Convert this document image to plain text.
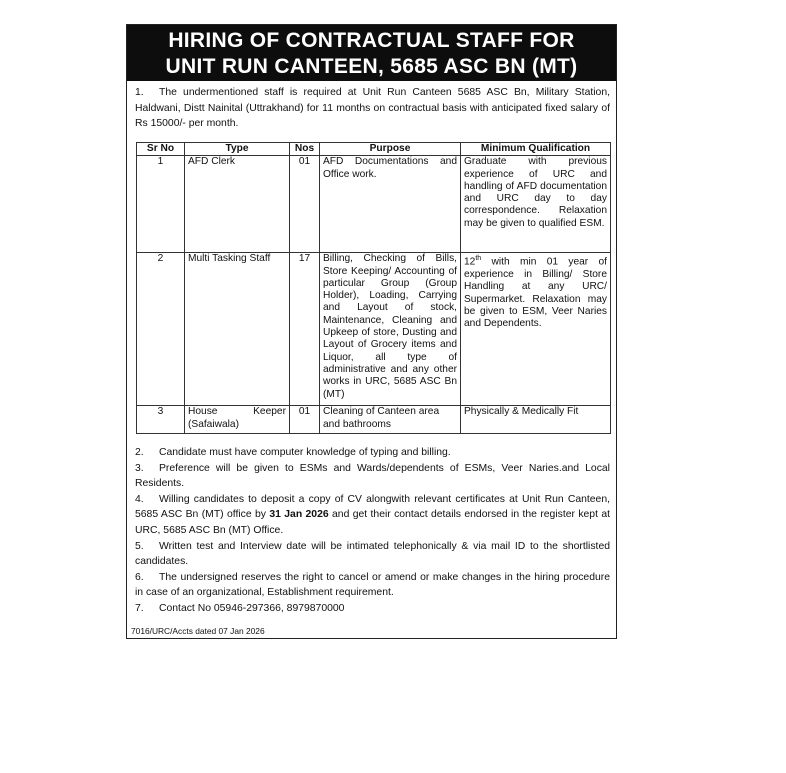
HIRING OF CONTRACTUAL STAFF FOR
UNIT RUN CANTEEN, 5685 ASC BN (MT)

1. The undermentioned staff is required at Unit Run Canteen 5685 ASC Bn, Military Station, Haldwani, Distt Nainital (Uttrakhand) for 11 months on contractual basis with anticipated fixed salary of Rs 15000/- per month.

Sr No	Type	Nos	Purpose	Minimum Qualification
1	AFD Clerk	01	AFD Documentations and Office work.	Graduate with previous experience of URC and handling of AFD documentation and URC day to day correspondence. Relaxation may be given to qualified ESM.
2	Multi Tasking Staff	17	Billing, Checking of Bills, Store Keeping/ Accounting of particular Group (Group Holder), Loading, Carrying and Layout of stock, Maintenance, Cleaning and Upkeep of store, Dusting and Layout of Grocery items and Liquor, all type of administrative and any other works in URC, 5685 ASC Bn (MT)	12th with min 01 year of experience in Billing/ Store Handling at any URC/ Supermarket. Relaxation may be given to ESM, Veer Naries and Dependents.
3	House Keeper (Safaiwala)	01	Cleaning of Canteen area and bathrooms	Physically & Medically Fit

2. Candidate must have computer knowledge of typing and billing.

3. Preference will be given to ESMs and Wards/dependents of ESMs, Veer Naries.and Local Residents.

4. Willing candidates to deposit a copy of CV alongwith relevant certificates at Unit Run Canteen, 5685 ASC Bn (MT) office by 31 Jan 2026 and get their contact details endorsed in the register kept at URC, 5685 ASC Bn (MT) Office.

5. Written test and Interview date will be intimated telephonically & via mail ID to the shortlisted candidates.

6. The undersigned reserves the right to cancel or amend or make changes in the hiring procedure in case of an organizational, Establishment requirement.

7. Contact No 05946-297366, 8979870000

7016/URC/Accts dated 07 Jan 2026
